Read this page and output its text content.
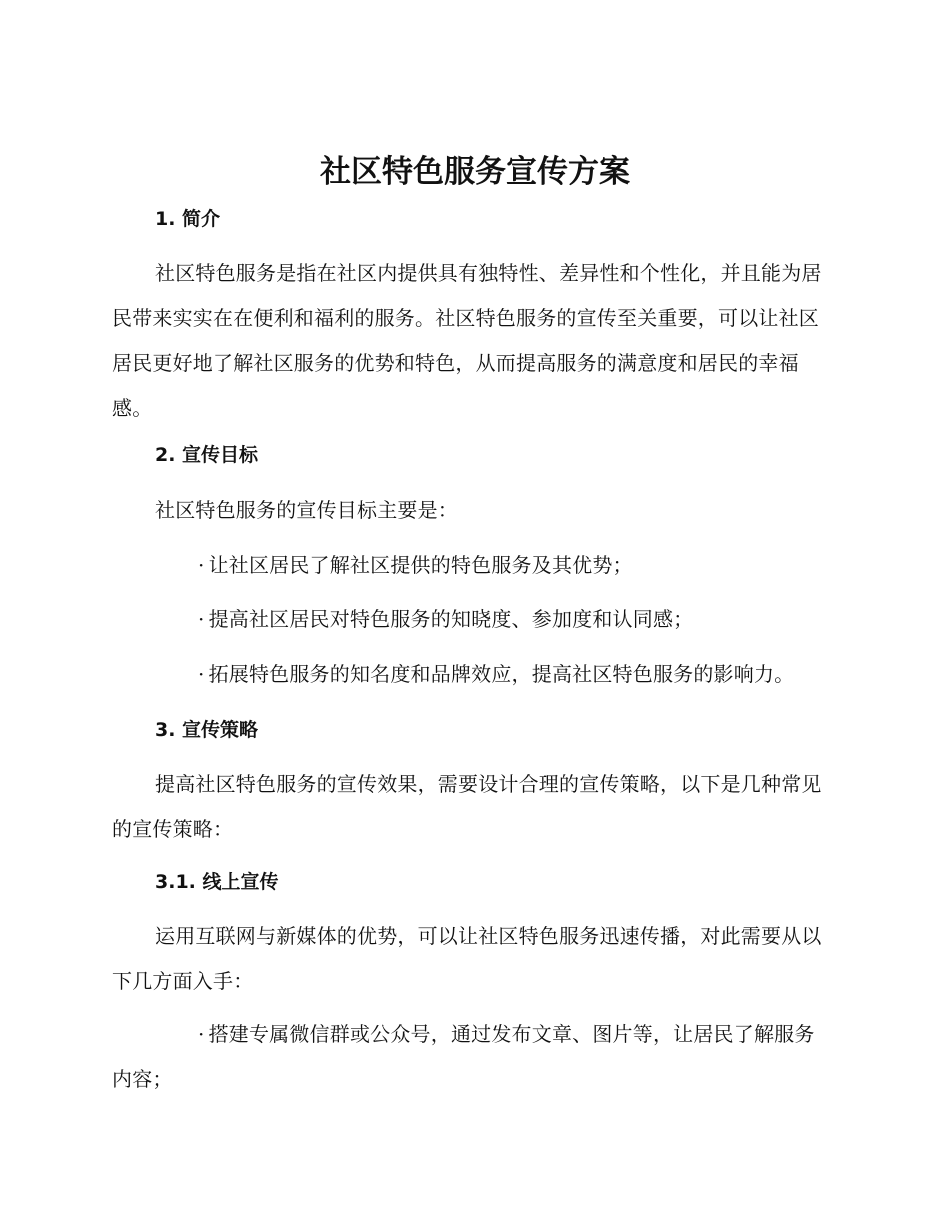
社区特色服务宣传方案
1. 简介

社区特色服务是指在社区内提供具有独特性、差异性和个性化，并且能为居民带来实实在在便利和福利的服务。社区特色服务的宣传至关重要，可以让社区居民更好地了解社区服务的优势和特色，从而提高服务的满意度和居民的幸福感。

2. 宣传目标

社区特色服务的宣传目标主要是：

· 让社区居民了解社区提供的特色服务及其优势；

· 提高社区居民对特色服务的知晓度、参加度和认同感；

· 拓展特色服务的知名度和品牌效应，提高社区特色服务的影响力。

3. 宣传策略

提高社区特色服务的宣传效果，需要设计合理的宣传策略，以下是几种常见的宣传策略：

3.1. 线上宣传

运用互联网与新媒体的优势，可以让社区特色服务迅速传播，对此需要从以下几方面入手：

· 搭建专属微信群或公众号，通过发布文章、图片等，让居民了解服务内容；
